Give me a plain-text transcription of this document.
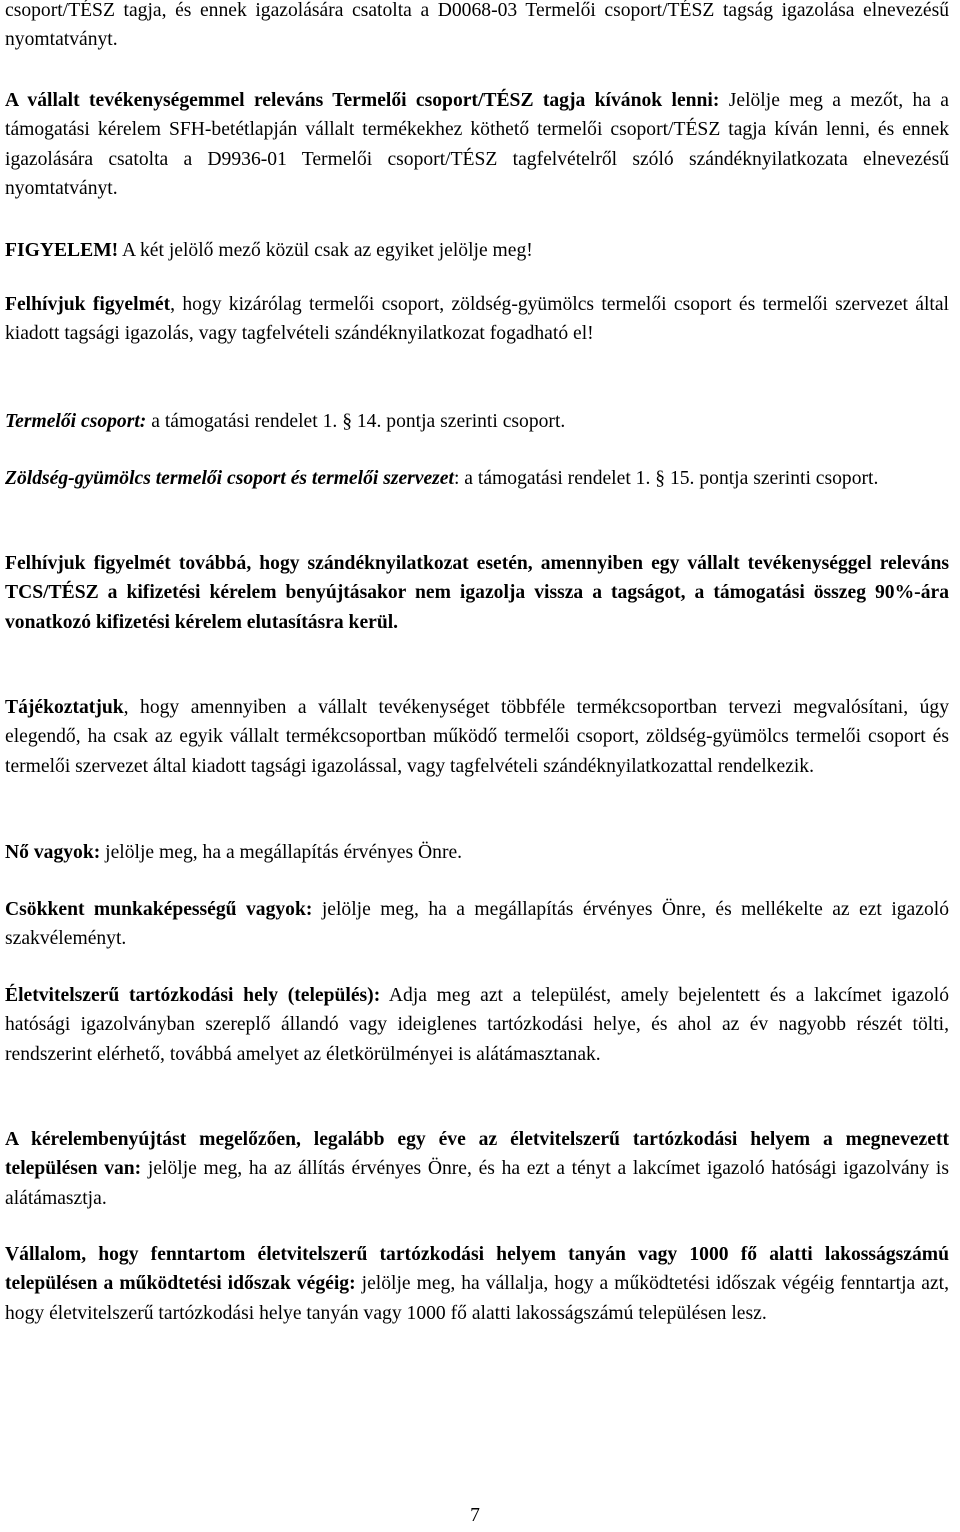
csoport/TÉSZ tagja, és ennek igazolására csatolta a D0068-03 Termelői csoport/TÉSZ tagság igazolása elnevezésű nyomtatványt.

A vállalt tevékenységemmel releváns Termelői csoport/TÉSZ tagja kívánok lenni: Jelölje meg a mezőt, ha a támogatási kérelem SFH-betétlapján vállalt termékekhez köthető termelői csoport/TÉSZ tagja kíván lenni, és ennek igazolására csatolta a D9936-01 Termelői csoport/TÉSZ tagfelvételről szóló szándéknyilatkozata elnevezésű nyomtatványt.

FIGYELEM! A két jelölő mező közül csak az egyiket jelölje meg!

Felhívjuk figyelmét, hogy kizárólag termelői csoport, zöldség-gyümölcs termelői csoport és termelői szervezet által kiadott tagsági igazolás, vagy tagfelvételi szándéknyilatkozat fogadható el!

Termelői csoport: a támogatási rendelet 1. § 14. pontja szerinti csoport.

Zöldség-gyümölcs termelői csoport és termelői szervezet: a támogatási rendelet 1. § 15. pontja szerinti csoport.

Felhívjuk figyelmét továbbá, hogy szándéknyilatkozat esetén, amennyiben egy vállalt tevékenységgel releváns TCS/TÉSZ a kifizetési kérelem benyújtásakor nem igazolja vissza a tagságot, a támogatási összeg 90%-ára vonatkozó kifizetési kérelem elutasításra kerül.

Tájékoztatjuk, hogy amennyiben a vállalt tevékenységet többféle termékcsoportban tervezi megvalósítani, úgy elegendő, ha csak az egyik vállalt termékcsoportban működő termelői csoport, zöldség-gyümölcs termelői csoport és termelői szervezet által kiadott tagsági igazolással, vagy tagfelvételi szándéknyilatkozattal rendelkezik.

Nő vagyok: jelölje meg, ha a megállapítás érvényes Önre.

Csökkent munkaképességű vagyok: jelölje meg, ha a megállapítás érvényes Önre, és mellékelte az ezt igazoló szakvéleményt.

Életvitelszerű tartózkodási hely (település): Adja meg azt a települést, amely bejelentett és a lakcímet igazoló hatósági igazolványban szereplő állandó vagy ideiglenes tartózkodási helye, és ahol az év nagyobb részét tölti, rendszerint elérhető, továbbá amelyet az életkörülményei is alátámasztanak.

A kérelembenyújtást megelőzően, legalább egy éve az életvitelszerű tartózkodási helyem a megnevezett településen van: jelölje meg, ha az állítás érvényes Önre, és ha ezt a tényt a lakcímet igazoló hatósági igazolvány is alátámasztja.

Vállalom, hogy fenntartom életvitelszerű tartózkodási helyem tanyán vagy 1000 fő alatti lakosságszámú településen a működtetési időszak végéig: jelölje meg, ha vállalja, hogy a működtetési időszak végéig fenntartja azt, hogy életvitelszerű tartózkodási helye tanyán vagy 1000 fő alatti lakosságszámú településen lesz.

7
